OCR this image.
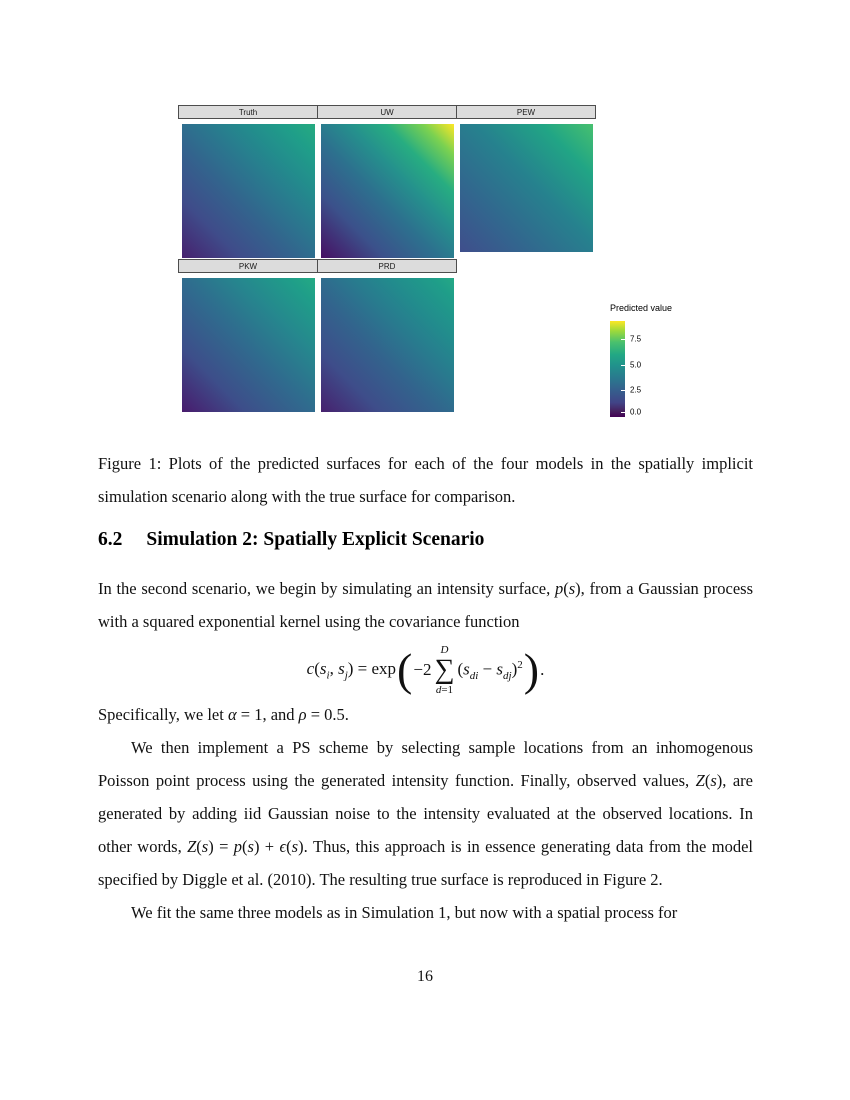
Truth	UW	PEW
PKW	PRD
Predicted value
7.5
5.0
2.5
0.0
Figure 1: Plots of the predicted surfaces for each of the four models in the spatially implicit simulation scenario along with the true surface for comparison.
6.2 Simulation 2: Spatially Explicit Scenario

In the second scenario, we begin by simulating an intensity surface, p(s), from a Gaussian process with a squared exponential kernel using the covariance function

$c(s_i$, $s_j) = \exp$ ( −2
D
∑
d=1
$(s_{di} - s_{dj})^2$ ) .

Specifically, we let α = 1, and ρ = 0.5.

We then implement a PS scheme by selecting sample locations from an inhomogenous Poisson point process using the generated intensity function. Finally, observed values, Z(s), are generated by adding iid Gaussian noise to the intensity evaluated at the observed locations. In other words, Z(s) = p(s) + ϵ(s). Thus, this approach is in essence generating data from the model specified by Diggle et al. (2010). The resulting true surface is reproduced in Figure 2.

We fit the same three models as in Simulation 1, but now with a spatial process for

16
